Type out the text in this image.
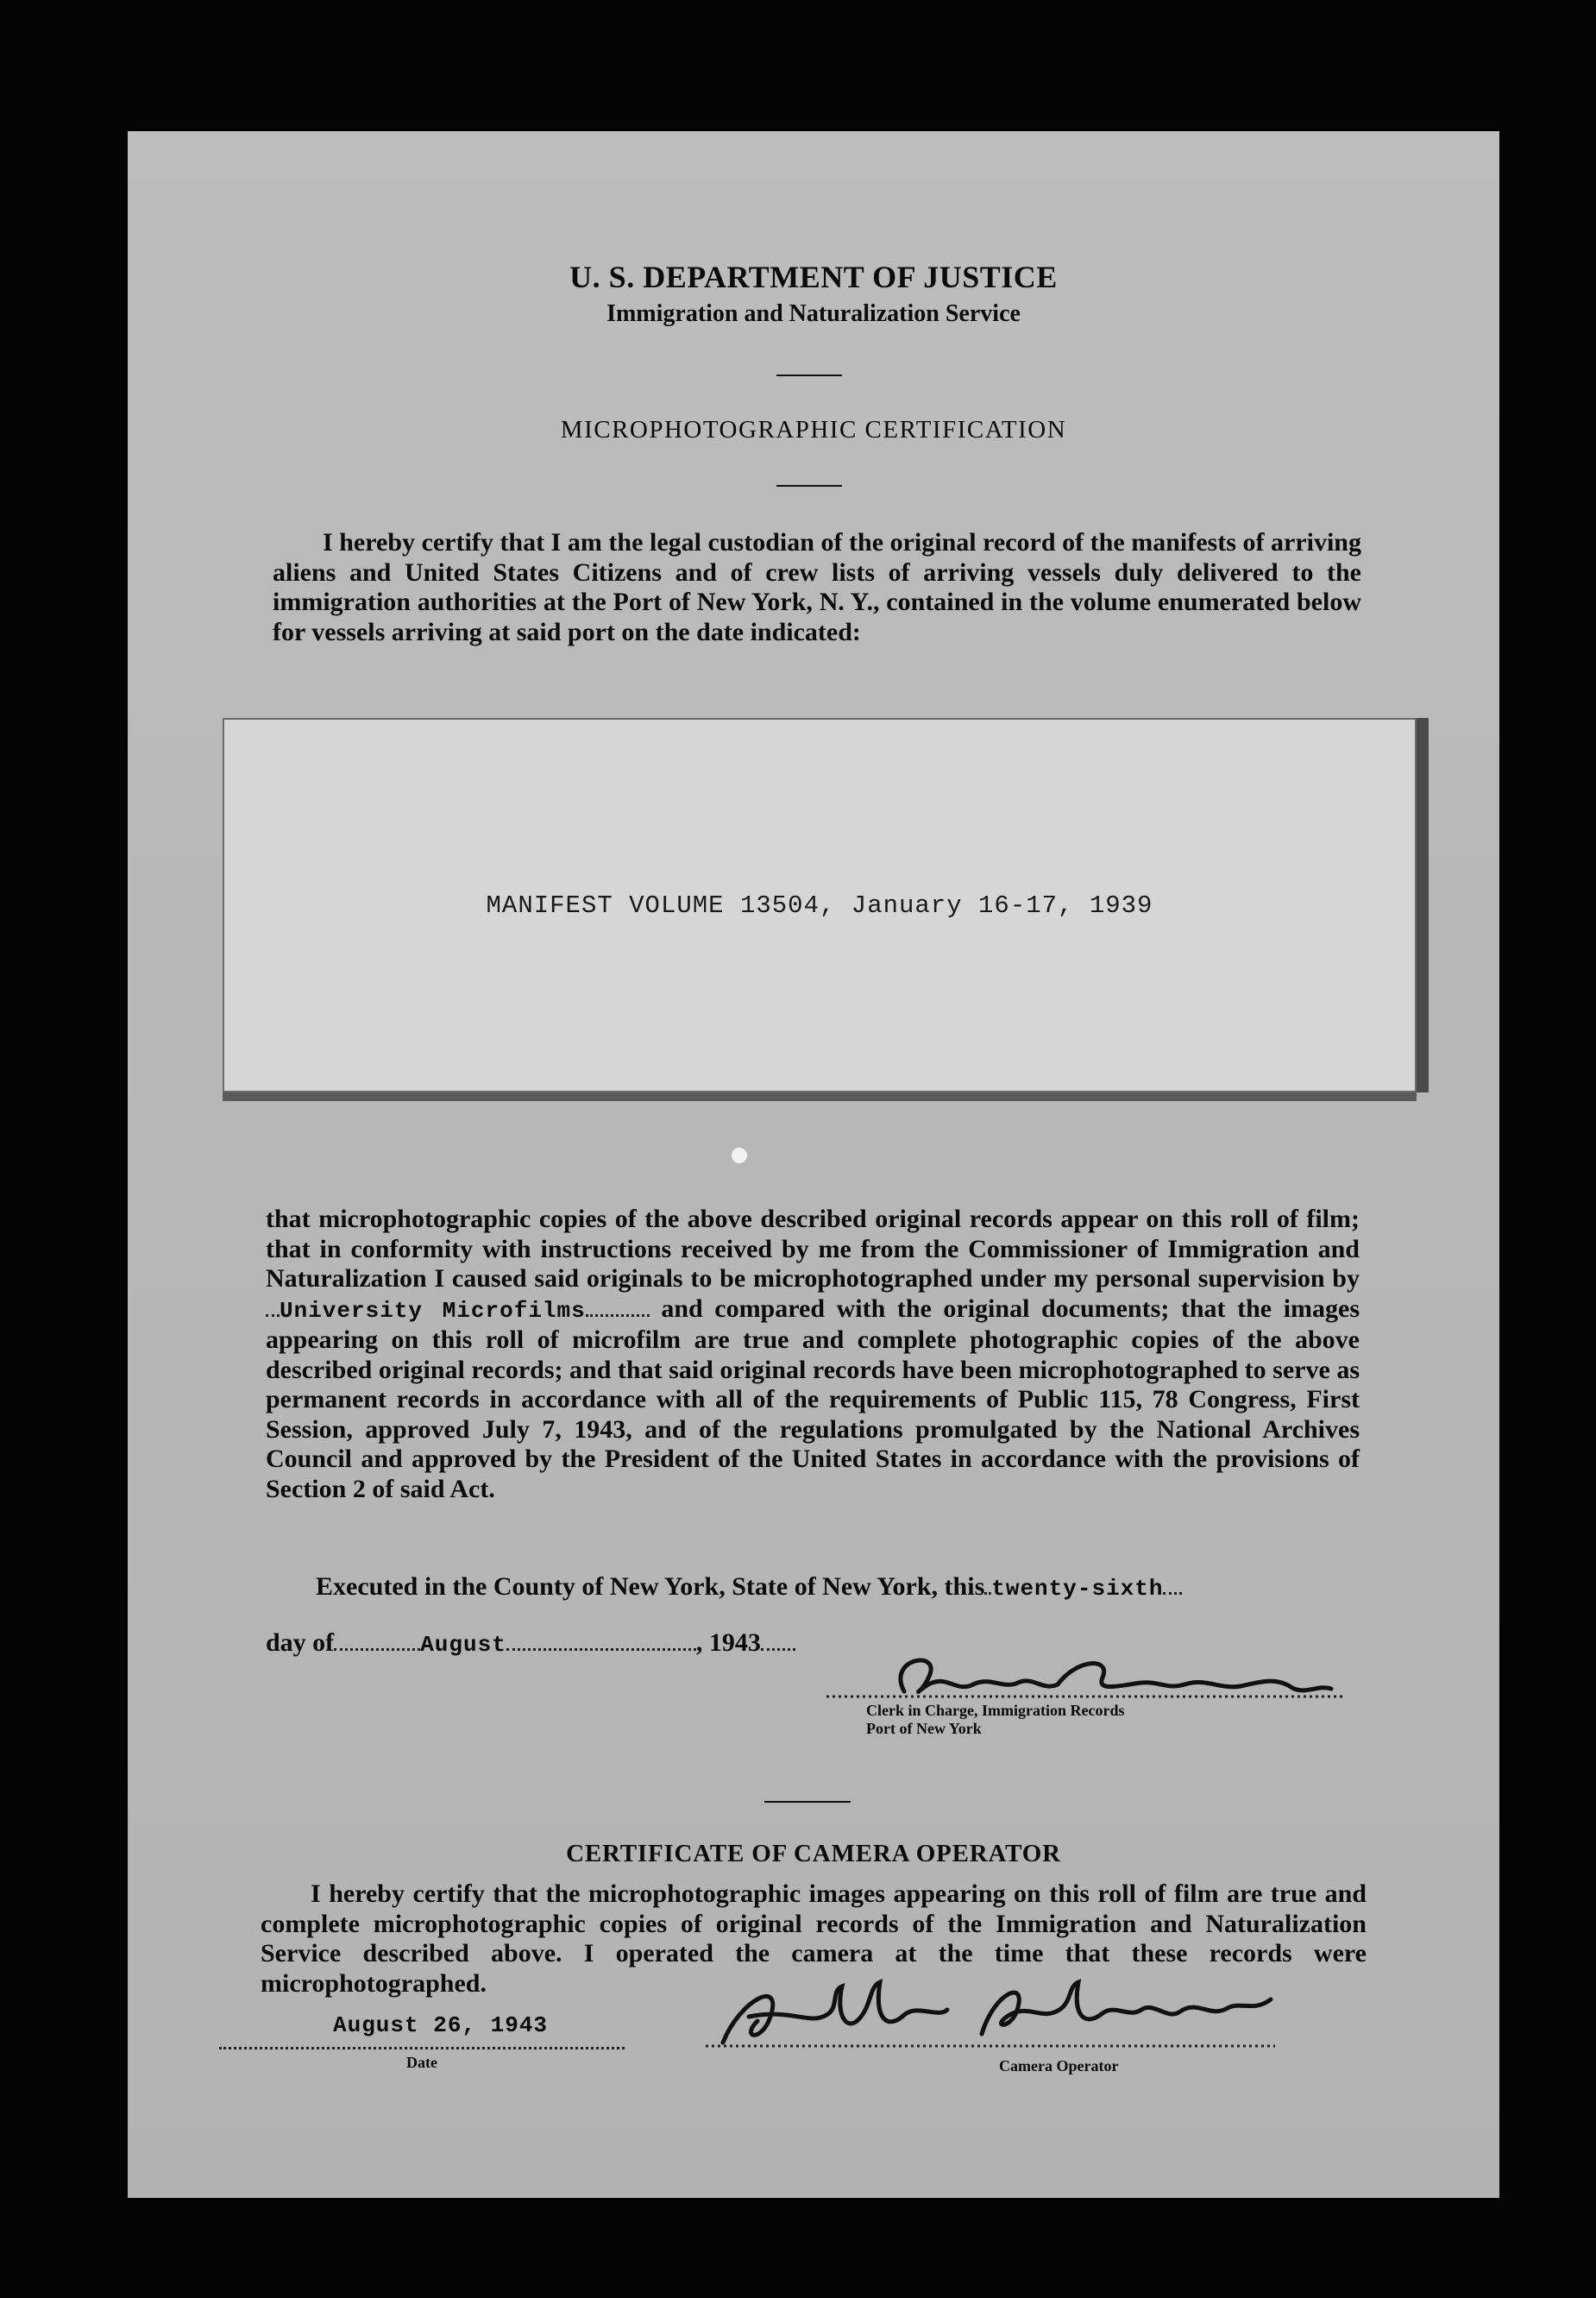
U. S. DEPARTMENT OF JUSTICE
Immigration and Naturalization Service
MICROPHOTOGRAPHIC CERTIFICATION
I hereby certify that I am the legal custodian of the original record of the manifests of arriving aliens and United States Citizens and of crew lists of arriving vessels duly delivered to the immigration authorities at the Port of New York, N. Y., contained in the volume enumerated below for vessels arriving at said port on the date indicated:
MANIFEST VOLUME 13504, January 16-17, 1939
that microphotographic copies of the above described original records appear on this roll of film; that in conformity with instructions received by me from the Commissioner of Immigration and Naturalization I caused said originals to be microphotographed under my personal supervision byUniversity Microfilms	and compared with the original documents; that the images appearing on this roll of microfilm are true and complete photographic copies of the above described original records; and that said original records have been microphotographed to serve as permanent records in accordance with all of the requirements of Public 115, 78 Congress, First Session, approved July 7, 1943, and of the regulations promulgated by the National Archives Council and approved by the President of the United States in accordance with the provisions of Section 2 of said Act.
Executed in the County of New York, State of New York, this twenty-sixth
day of	August	, 1943
Clerk in Charge, Immigration Records
Port of New York
CERTIFICATE OF CAMERA OPERATOR
I hereby certify that the microphotographic images appearing on this roll of film are true and complete microphotographic copies of original records of the Immigration and Naturalization Service described above. I operated the camera at the time that these records were microphotographed.
August 26, 1943
Date	Camera Operator
